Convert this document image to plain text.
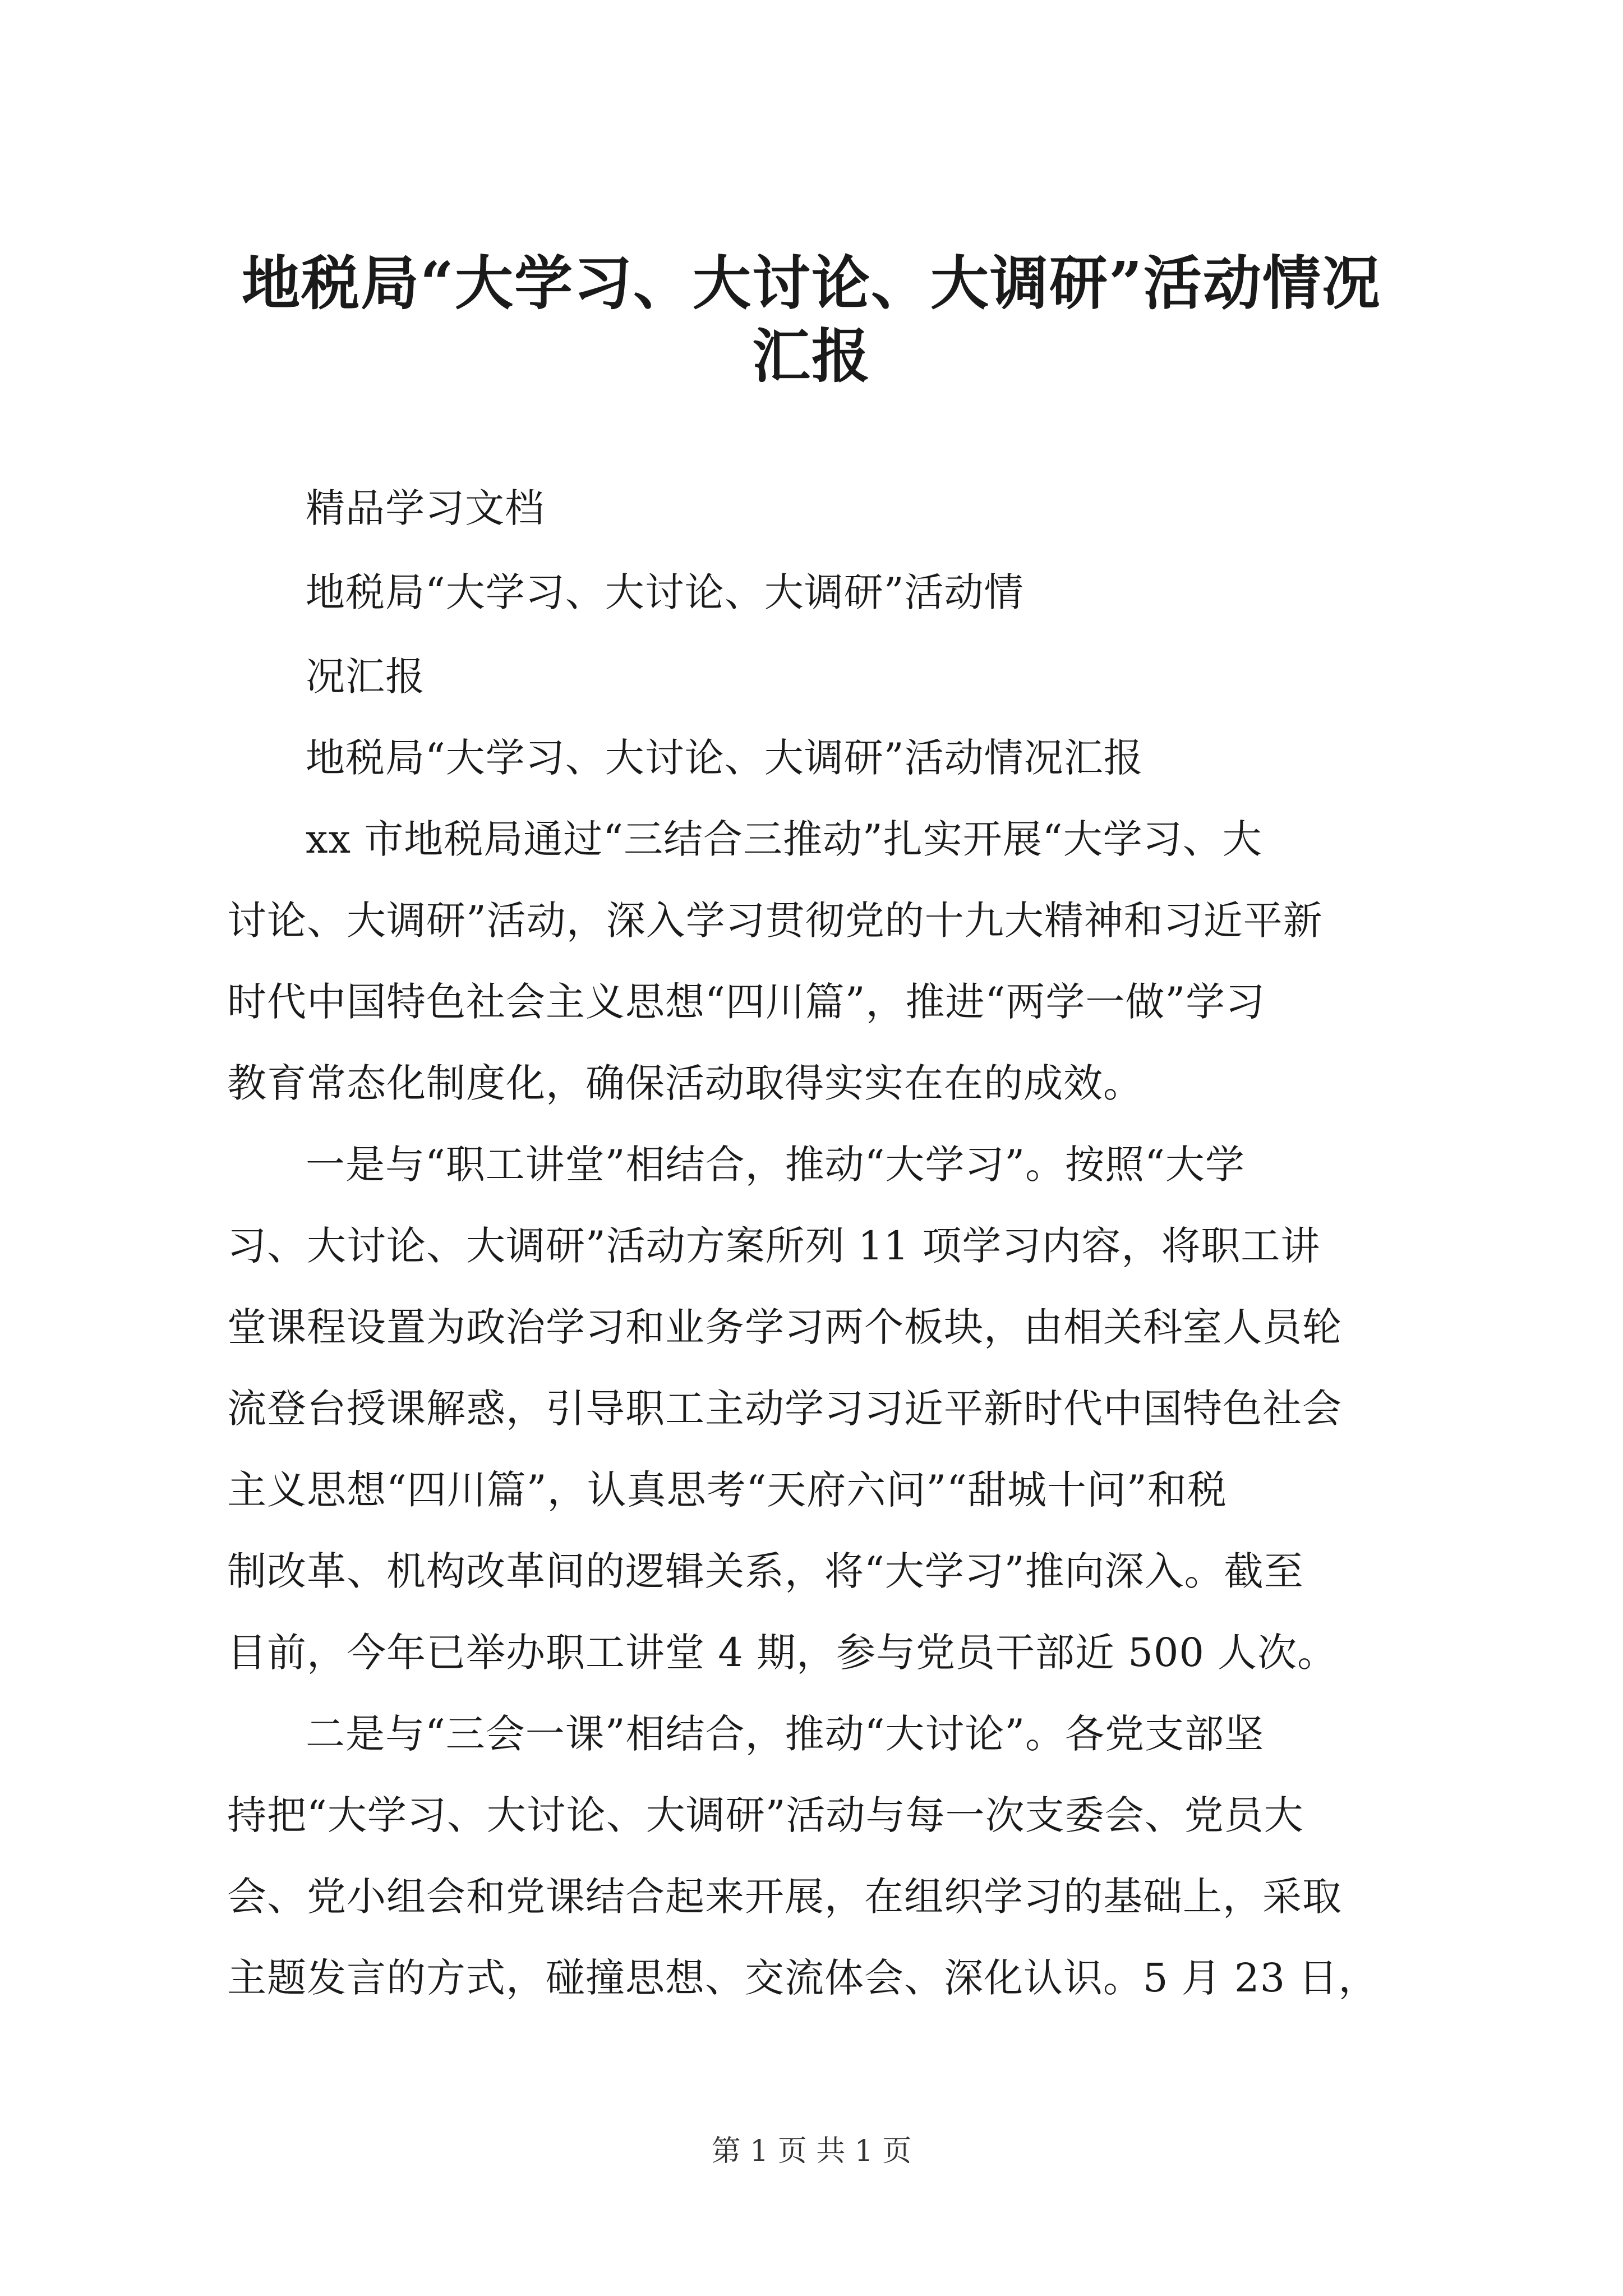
地税局“大学习、大讨论、大调研”活动情况
汇报
精品学习文档
地税局“大学习、大讨论、大调研”活动情
况汇报
地税局“大学习、大讨论、大调研”活动情况汇报
xx 市地税局通过“三结合三推动”扎实开展“大学习、大
讨论、大调研”活动，深入学习贯彻党的十九大精神和习近平新
时代中国特色社会主义思想“四川篇”，推进“两学一做”学习
教育常态化制度化，确保活动取得实实在在的成效。
一是与“职工讲堂”相结合，推动“大学习”。按照“大学
习、大讨论、大调研”活动方案所列 11 项学习内容，将职工讲
堂课程设置为政治学习和业务学习两个板块，由相关科室人员轮
流登台授课解惑，引导职工主动学习习近平新时代中国特色社会
主义思想“四川篇”，认真思考“天府六问”“甜城十问”和税
制改革、机构改革间的逻辑关系，将“大学习”推向深入。截至
目前，今年已举办职工讲堂 4 期，参与党员干部近 500 人次。
二是与“三会一课”相结合，推动“大讨论”。各党支部坚
持把“大学习、大讨论、大调研”活动与每一次支委会、党员大
会、党小组会和党课结合起来开展，在组织学习的基础上，采取
主题发言的方式，碰撞思想、交流体会、深化认识。5 月 23 日，
第 1 页 共 1 页
